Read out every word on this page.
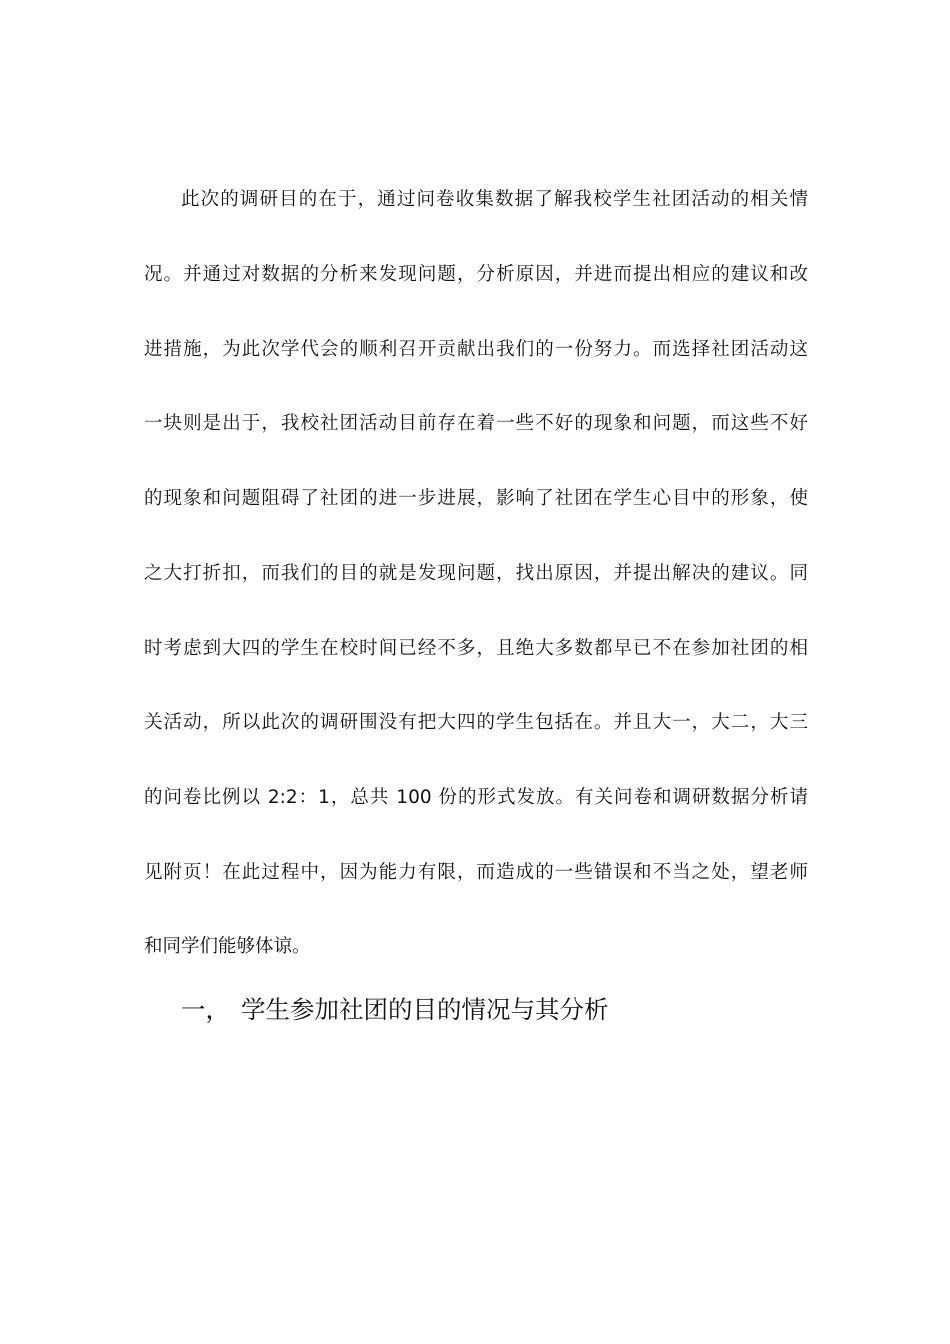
此次的调研目的在于，通过问卷收集数据了解我校学生社团活动的相关情
况。并通过对数据的分析来发现问题，分析原因，并进而提出相应的建议和改
进措施，为此次学代会的顺利召开贡献出我们的一份努力。而选择社团活动这
一块则是出于，我校社团活动目前存在着一些不好的现象和问题，而这些不好
的现象和问题阻碍了社团的进一步进展，影响了社团在学生心目中的形象，使
之大打折扣，而我们的目的就是发现问题，找出原因，并提出解决的建议。同
时考虑到大四的学生在校时间已经不多，且绝大多数都早已不在参加社团的相
关活动，所以此次的调研围没有把大四的学生包括在。并且大一，大二，大三
的问卷比例以 2:2：1，总共 100 份的形式发放。有关问卷和调研数据分析请
见附页！在此过程中，因为能力有限，而造成的一些错误和不当之处，望老师
和同学们能够体谅。
一， 学生参加社团的目的情况与其分析
